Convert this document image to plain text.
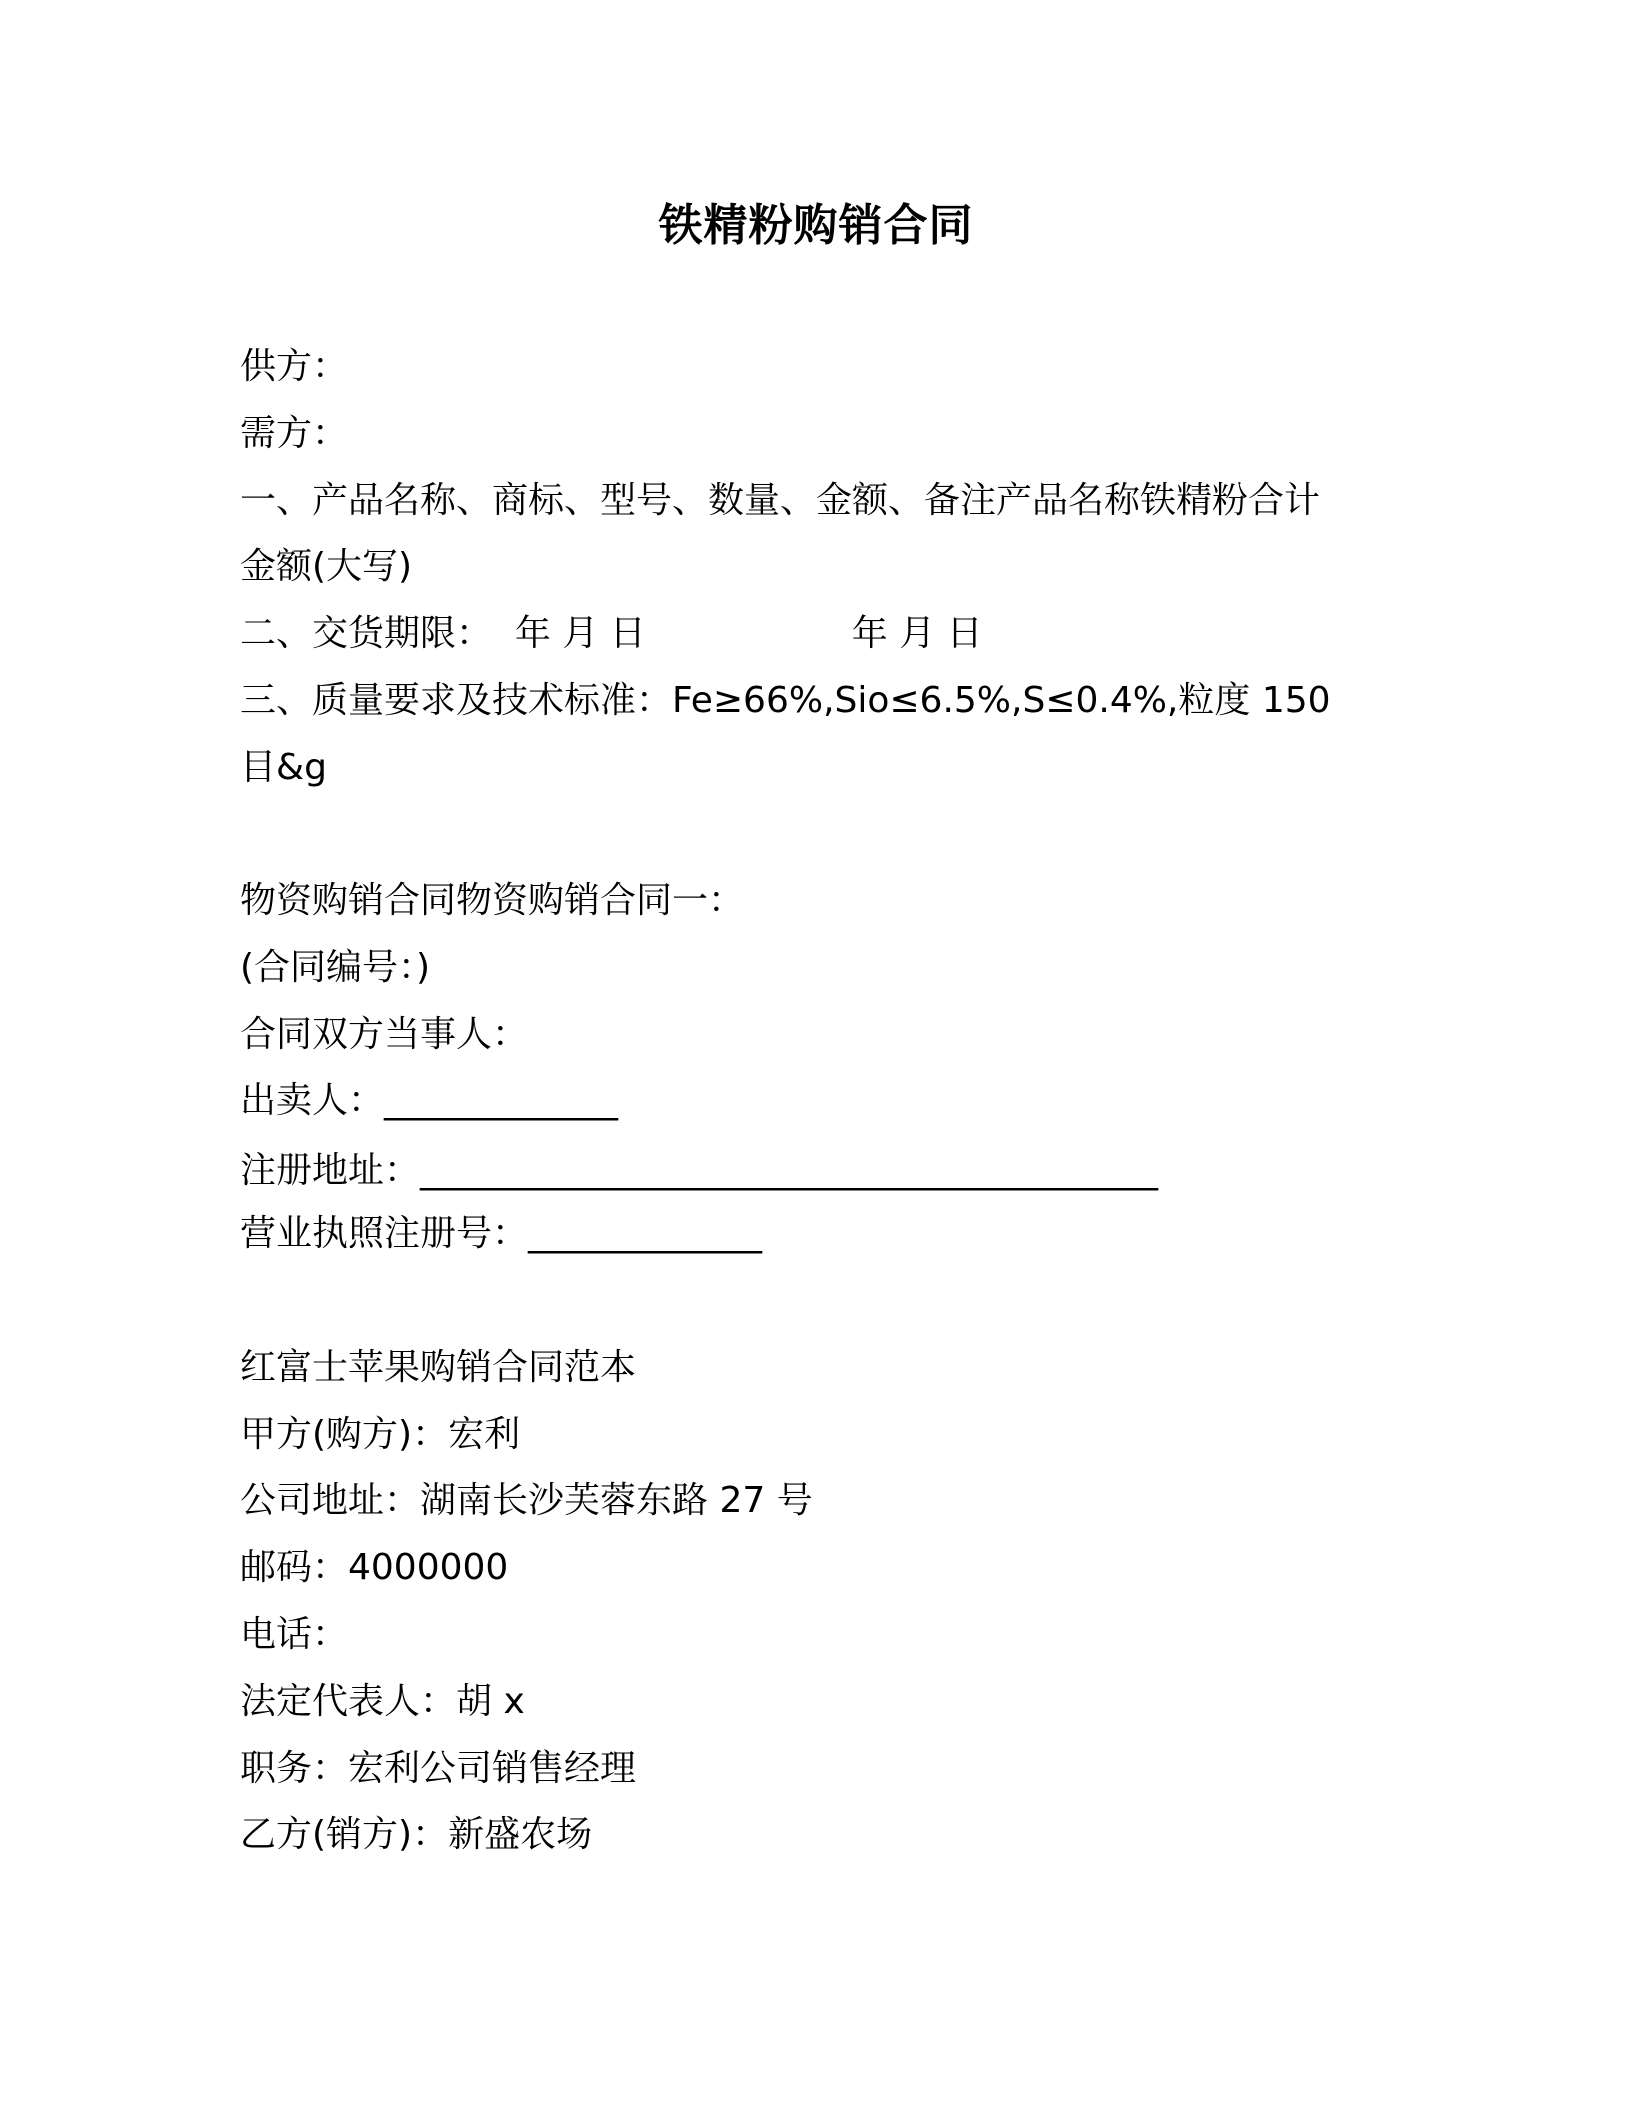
铁精粉购销合同
供方：
需方：
一、产品名称、商标、型号、数量、金额、备注产品名称铁精粉合计
金额(大写)
二、交货期限：  年 月 日                  年 月 日
三、质量要求及技术标准：Fe≥66%,Sio≤6.5%,S≤0.4%,粒度 150
目&g
物资购销合同物资购销合同一：
(合同编号：)
合同双方当事人：
出卖人：_____________
注册地址：_________________________________________
营业执照注册号：_____________
红富士苹果购销合同范本
甲方(购方)：宏利
公司地址：湖南长沙芙蓉东路 27 号
邮码：4000000
电话：
法定代表人：胡 x
职务：宏利公司销售经理
乙方(销方)：新盛农场
